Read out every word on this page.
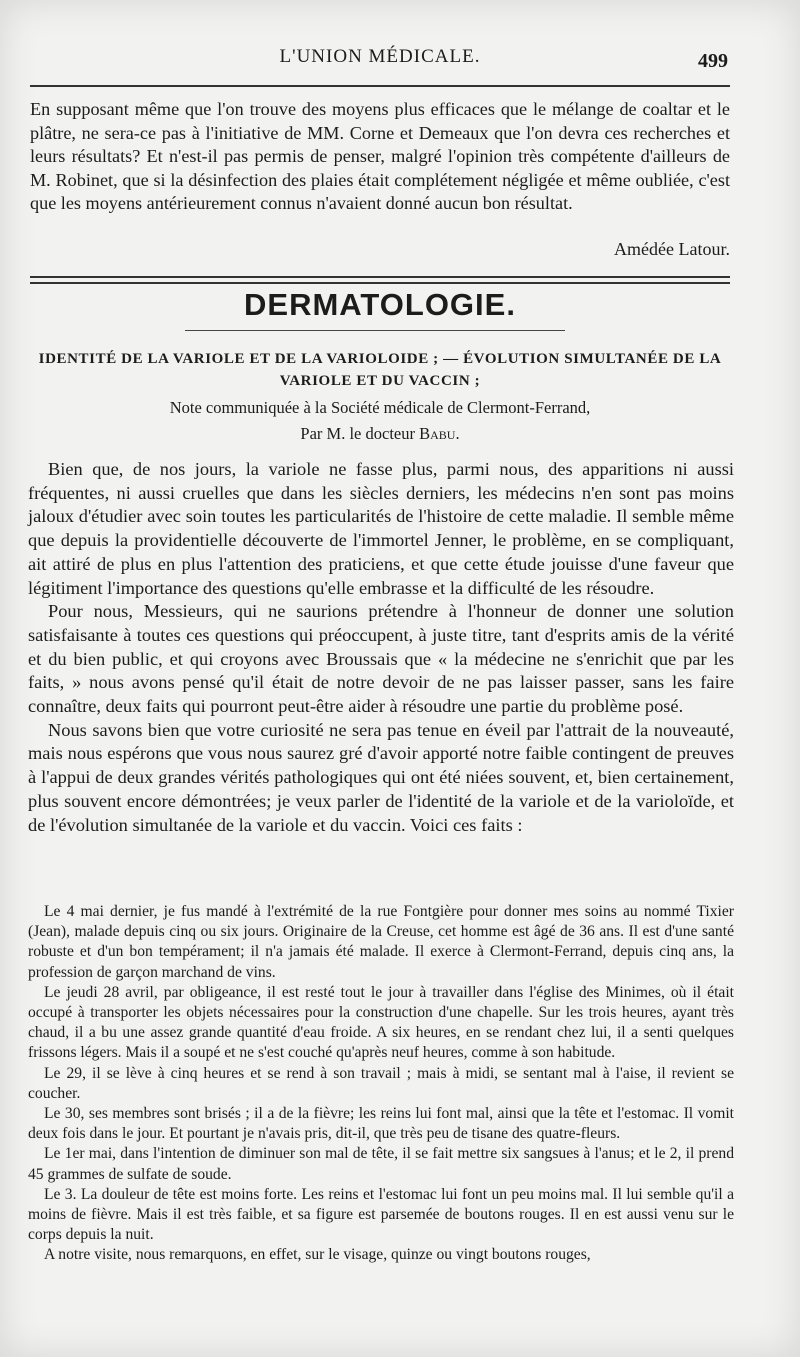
L'UNION MÉDICALE.	499

En supposant même que l'on trouve des moyens plus efficaces que le mélange de coaltar et le plâtre, ne sera-ce pas à l'initiative de MM. Corne et Demeaux que l'on devra ces recherches et leurs résultats? Et n'est-il pas permis de penser, malgré l'opinion très compétente d'ailleurs de M. Robinet, que si la désinfection des plaies était complétement négligée et même oubliée, c'est que les moyens antérieurement connus n'avaient donné aucun bon résultat.

Amédée Latour.
DERMATOLOGIE.
IDENTITÉ DE LA VARIOLE ET DE LA VARIOLOIDE ; — ÉVOLUTION SIMULTANÉE DE LA
VARIOLE ET DU VACCIN ;
Note communiquée à la Société médicale de Clermont-Ferrand,
Par M. le docteur Babu.

Bien que, de nos jours, la variole ne fasse plus, parmi nous, des apparitions ni aussi fréquentes, ni aussi cruelles que dans les siècles derniers, les médecins n'en sont pas moins jaloux d'étudier avec soin toutes les particularités de l'histoire de cette maladie. Il semble même que depuis la providentielle découverte de l'immortel Jenner, le problème, en se compliquant, ait attiré de plus en plus l'attention des praticiens, et que cette étude jouisse d'une faveur que légitiment l'importance des questions qu'elle embrasse et la difficulté de les résoudre.

Pour nous, Messieurs, qui ne saurions prétendre à l'honneur de donner une solution satisfaisante à toutes ces questions qui préoccupent, à juste titre, tant d'esprits amis de la vérité et du bien public, et qui croyons avec Broussais que « la médecine ne s'enrichit que par les faits, » nous avons pensé qu'il était de notre devoir de ne pas laisser passer, sans les faire connaître, deux faits qui pourront peut-être aider à résoudre une partie du problème posé.

Nous savons bien que votre curiosité ne sera pas tenue en éveil par l'attrait de la nouveauté, mais nous espérons que vous nous saurez gré d'avoir apporté notre faible contingent de preuves à l'appui de deux grandes vérités pathologiques qui ont été niées souvent, et, bien certainement, plus souvent encore démontrées; je veux parler de l'identité de la variole et de la varioloïde, et de l'évolution simultanée de la variole et du vaccin. Voici ces faits :

Le 4 mai dernier, je fus mandé à l'extrémité de la rue Fontgière pour donner mes soins au nommé Tixier (Jean), malade depuis cinq ou six jours. Originaire de la Creuse, cet homme est âgé de 36 ans. Il est d'une santé robuste et d'un bon tempérament; il n'a jamais été malade. Il exerce à Clermont-Ferrand, depuis cinq ans, la profession de garçon marchand de vins.

Le jeudi 28 avril, par obligeance, il est resté tout le jour à travailler dans l'église des Minimes, où il était occupé à transporter les objets nécessaires pour la construction d'une chapelle. Sur les trois heures, ayant très chaud, il a bu une assez grande quantité d'eau froide. A six heures, en se rendant chez lui, il a senti quelques frissons légers. Mais il a soupé et ne s'est couché qu'après neuf heures, comme à son habitude.

Le 29, il se lève à cinq heures et se rend à son travail ; mais à midi, se sentant mal à l'aise, il revient se coucher.

Le 30, ses membres sont brisés ; il a de la fièvre; les reins lui font mal, ainsi que la tête et l'estomac. Il vomit deux fois dans le jour. Et pourtant je n'avais pris, dit-il, que très peu de tisane des quatre-fleurs.

Le 1er mai, dans l'intention de diminuer son mal de tête, il se fait mettre six sangsues à l'anus; et le 2, il prend 45 grammes de sulfate de soude.

Le 3. La douleur de tête est moins forte. Les reins et l'estomac lui font un peu moins mal. Il lui semble qu'il a moins de fièvre. Mais il est très faible, et sa figure est parsemée de boutons rouges. Il en est aussi venu sur le corps depuis la nuit.

A notre visite, nous remarquons, en effet, sur le visage, quinze ou vingt boutons rouges,
